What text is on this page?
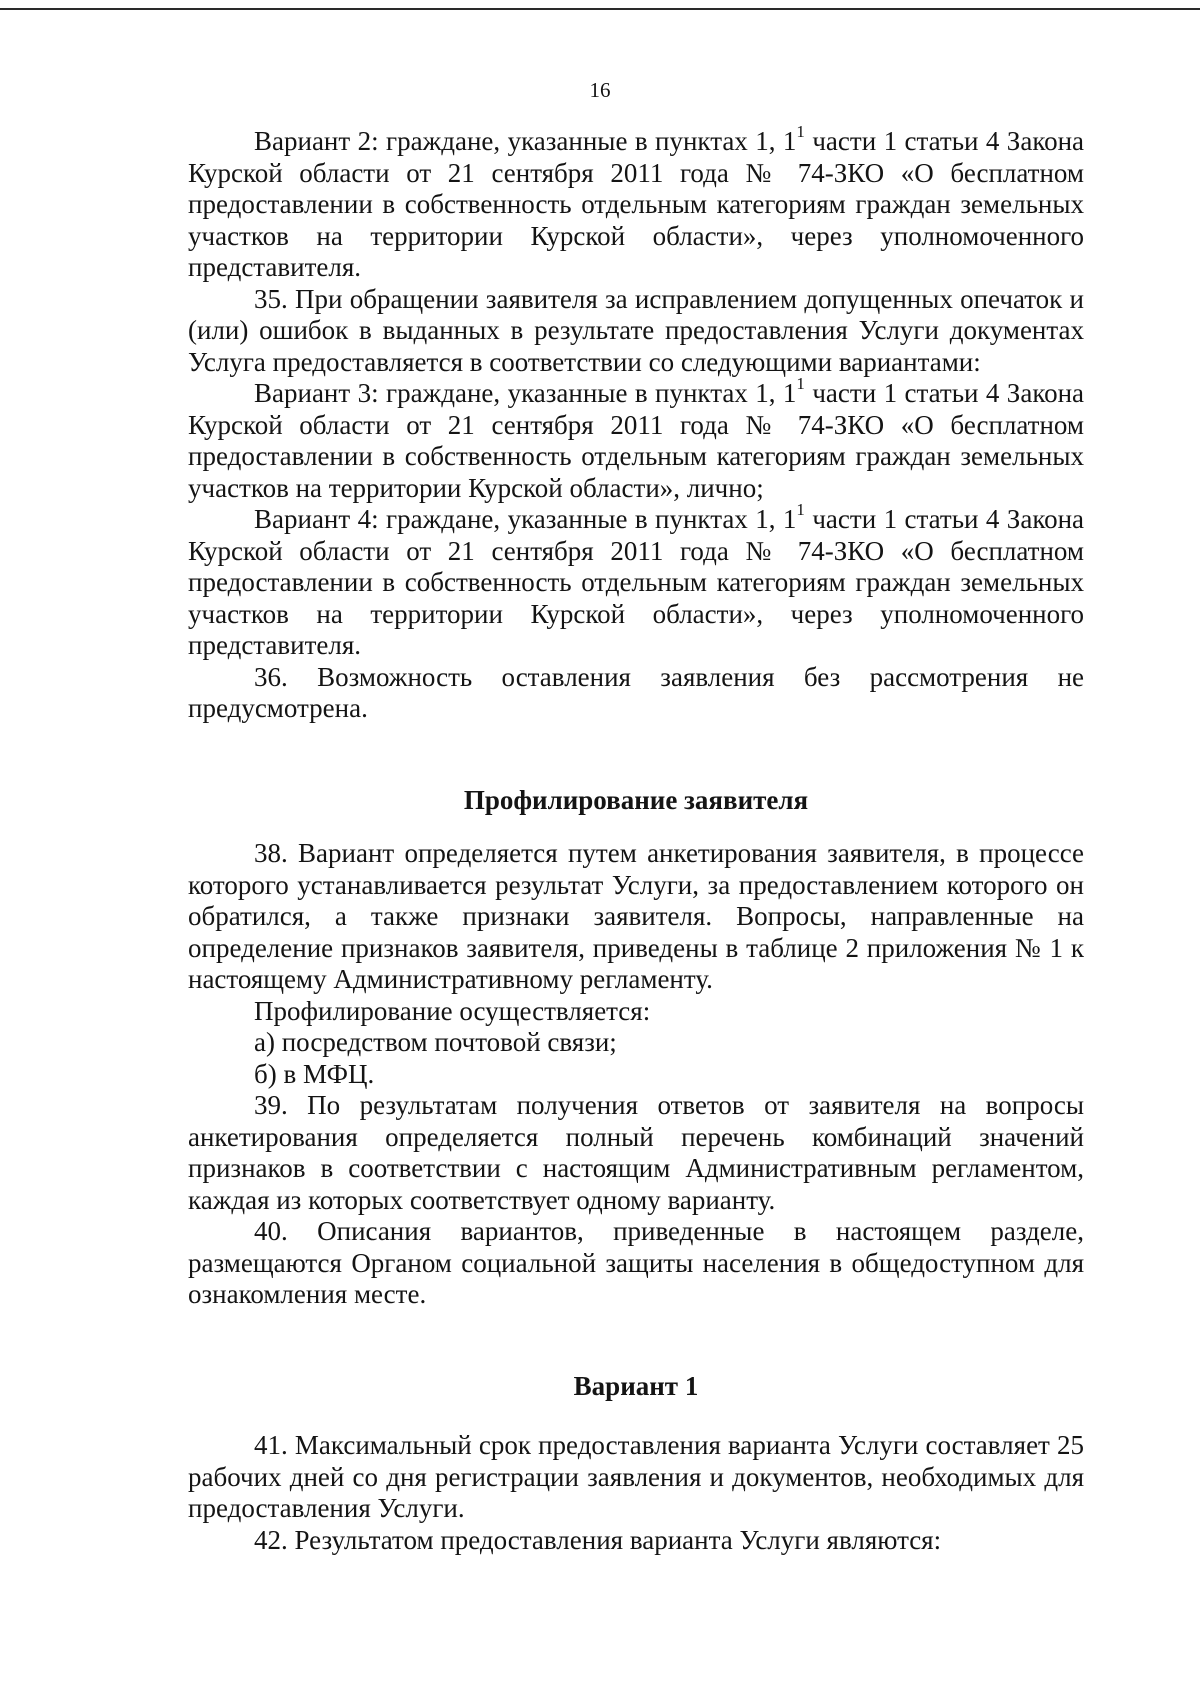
16

Вариант 2: граждане, указанные в пунктах 1, $1^1$ части 1 статьи 4 Закона Курской области от 21 сентября 2011 года № 74-ЗКО «О бесплатном предоставлении в собственность отдельным категориям граждан земельных участков на территории Курской области», через уполномоченного представителя.

35. При обращении заявителя за исправлением допущенных опечаток и (или) ошибок в выданных в результате предоставления Услуги документах Услуга предоставляется в соответствии со следующими вариантами:

Вариант 3: граждане, указанные в пунктах 1, $1^1$ части 1 статьи 4 Закона Курской области от 21 сентября 2011 года № 74-ЗКО «О бесплатном предоставлении в собственность отдельным категориям граждан земельных участков на территории Курской области», лично;

Вариант 4: граждане, указанные в пунктах 1, $1^1$ части 1 статьи 4 Закона Курской области от 21 сентября 2011 года № 74-ЗКО «О бесплатном предоставлении в собственность отдельным категориям граждан земельных участков на территории Курской области», через уполномоченного представителя.

36. Возможность оставления заявления без рассмотрения не предусмотрена.

Профилирование заявителя

38. Вариант определяется путем анкетирования заявителя, в процессе которого устанавливается результат Услуги, за предоставлением которого он обратился, а также признаки заявителя. Вопросы, направленные на определение признаков заявителя, приведены в таблице 2 приложения № 1 к настоящему Административному регламенту.

Профилирование осуществляется:

а) посредством почтовой связи;

б) в МФЦ.

39. По результатам получения ответов от заявителя на вопросы анкетирования определяется полный перечень комбинаций значений признаков в соответствии с настоящим Административным регламентом, каждая из которых соответствует одному варианту.

40. Описания вариантов, приведенные в настоящем разделе, размещаются Органом социальной защиты населения в общедоступном для ознакомления месте.

Вариант 1

41. Максимальный срок предоставления варианта Услуги составляет 25 рабочих дней со дня регистрации заявления и документов, необходимых для предоставления Услуги.

42. Результатом предоставления варианта Услуги являются:
